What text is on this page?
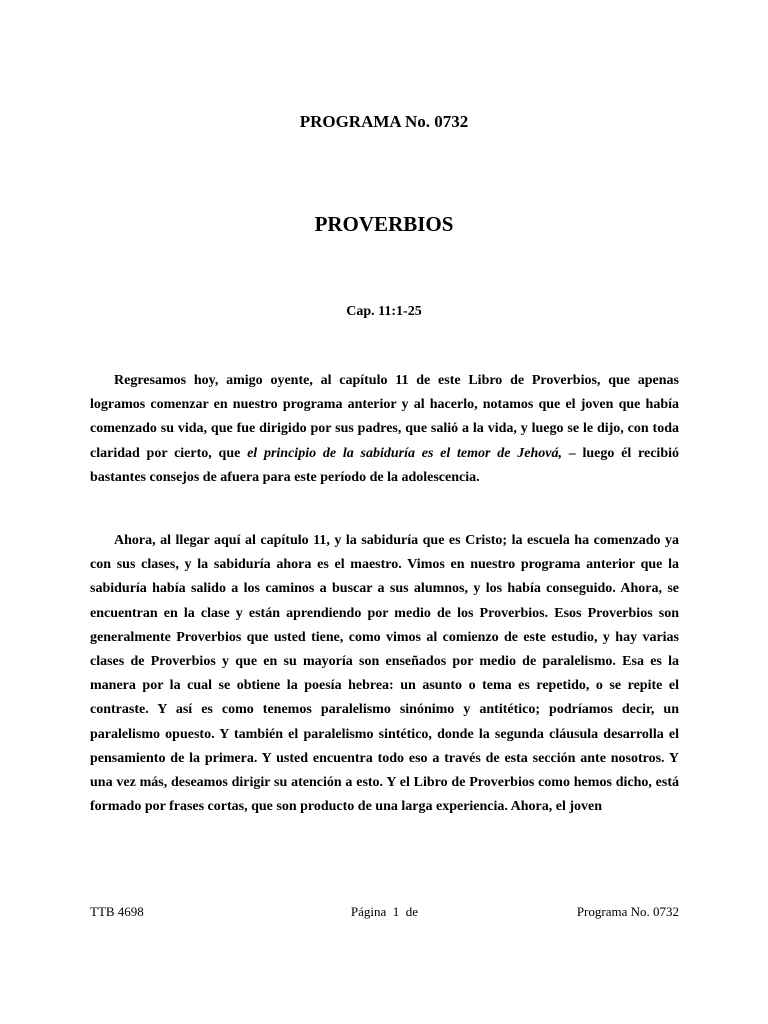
PROGRAMA No. 0732
PROVERBIOS
Cap. 11:1-25

Regresamos hoy, amigo oyente, al capítulo 11 de este Libro de Proverbios, que apenas logramos comenzar en nuestro programa anterior y al hacerlo, notamos que el joven que había comenzado su vida, que fue dirigido por sus padres, que salió a la vida, y luego se le dijo, con toda claridad por cierto, que el principio de la sabiduría es el temor de Jehová, – luego él recibió bastantes consejos de afuera para este período de la adolescencia.

Ahora, al llegar aquí al capítulo 11, y la sabiduría que es Cristo; la escuela ha comenzado ya con sus clases, y la sabiduría ahora es el maestro. Vimos en nuestro programa anterior que la sabiduría había salido a los caminos a buscar a sus alumnos, y los había conseguido. Ahora, se encuentran en la clase y están aprendiendo por medio de los Proverbios. Esos Proverbios son generalmente Proverbios que usted tiene, como vimos al comienzo de este estudio, y hay varias clases de Proverbios y que en su mayoría son enseñados por medio de paralelismo. Esa es la manera por la cual se obtiene la poesía hebrea: un asunto o tema es repetido, o se repite el contraste. Y así es como tenemos paralelismo sinónimo y antitético; podríamos decir, un paralelismo opuesto. Y también el paralelismo sintético, donde la segunda cláusula desarrolla el pensamiento de la primera. Y usted encuentra todo eso a través de esta sección ante nosotros. Y una vez más, deseamos dirigir su atención a esto. Y el Libro de Proverbios como hemos dicho, está formado por frases cortas, que son producto de una larga experiencia. Ahora, el joven

TTB 4698	Página  1  de	Programa No. 0732
